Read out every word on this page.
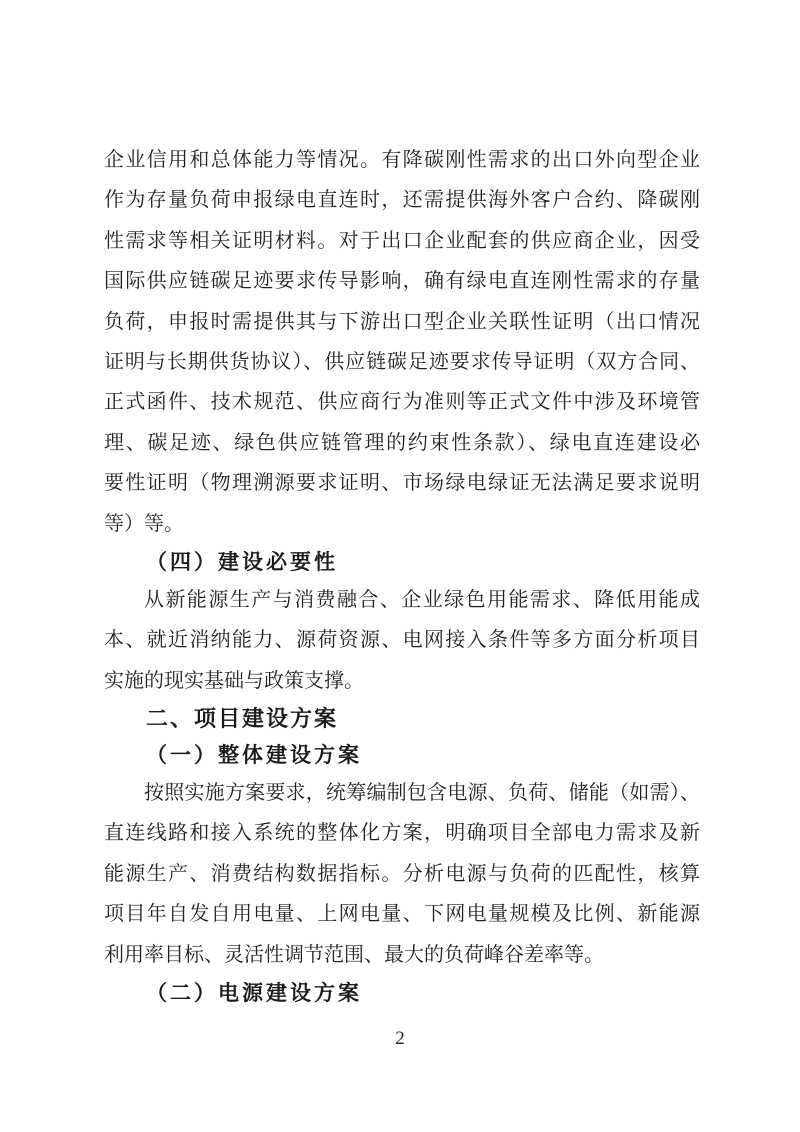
企业信用和总体能力等情况。有降碳刚性需求的出口外向型企业
作为存量负荷申报绿电直连时，还需提供海外客户合约、降碳刚
性需求等相关证明材料。对于出口企业配套的供应商企业，因受
国际供应链碳足迹要求传导影响，确有绿电直连刚性需求的存量
负荷，申报时需提供其与下游出口型企业关联性证明（出口情况
证明与长期供货协议）、供应链碳足迹要求传导证明（双方合同、
正式函件、技术规范、供应商行为准则等正式文件中涉及环境管
理、碳足迹、绿色供应链管理的约束性条款）、绿电直连建设必
要性证明（物理溯源要求证明、市场绿电绿证无法满足要求说明
等）等。
（四）建设必要性
从新能源生产与消费融合、企业绿色用能需求、降低用能成
本、就近消纳能力、源荷资源、电网接入条件等多方面分析项目
实施的现实基础与政策支撑。
二、项目建设方案
（一）整体建设方案
按照实施方案要求，统筹编制包含电源、负荷、储能（如需）、
直连线路和接入系统的整体化方案，明确项目全部电力需求及新
能源生产、消费结构数据指标。分析电源与负荷的匹配性，核算
项目年自发自用电量、上网电量、下网电量规模及比例、新能源
利用率目标、灵活性调节范围、最大的负荷峰谷差率等。
（二）电源建设方案
2
